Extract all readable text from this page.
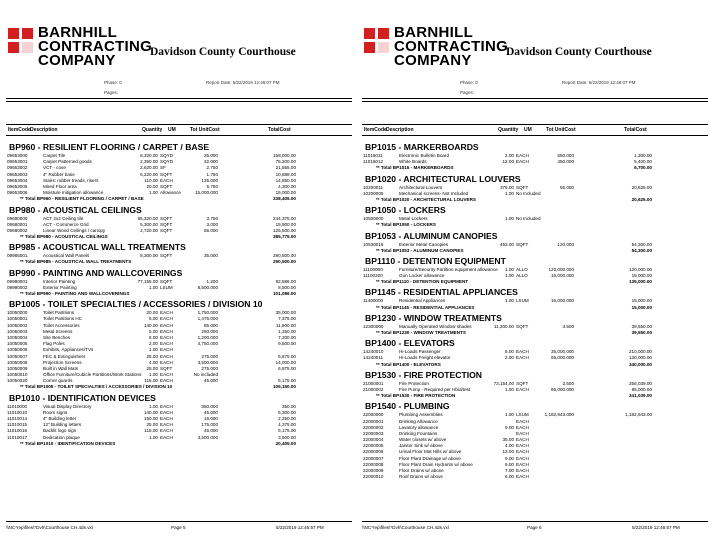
BARNHILL
CONTRACTING
COMPANY	Davidson County Courthouse
Phase: 0	Report Date: 5/22/2019 12:46:07 PM
Pages:
ItemCode Description	Quantity UM	Tot UnitCost	TotalCost
BP960 - RESILIENT FLOORING / CARPET / BASE
09653000	Carpet Tile	6,320.00 SQYD	25.000	158,000.00
09653001	Carpet Patterned goods	2,350.00 SQYD	32.000	75,200.00
09653002	VCT - cove	2,620.00 SF	2.750	21,555.00
09653003	4" Rubber base	6,220.00 SQFT	1.750	10,888.00
09653004	Stairs: rubber treads, risers	110.00 EACH	135.000	14,850.00
09653005	Mired Floor area	20.00 SQFT	5.750	4,300.00
09653006	Moisture mitigation allowance	1.00 Allowance	15,000.000	15,000.00
** Total BP960 - RESILIENT FLOORING / CARPET / BASE	338,405.00
BP980 - ACOUSTICAL CEILINGS
09680000	ACT 2x2 Ceiling tile	65,320.00 SQFT	3.750	244,375.00
09680001	ACT - Commerce Grid	5,300.00 SQFT	3.000	15,900.00
09680002	Linear Wood Ceilings / canopy	2,720.00 SQFT	55.000	125,500.00
** Total BP980 - ACOUSTICAL CEILINGS	385,775.00
BP985 - ACOUSTICAL WALL TREATMENTS
09985001	Acoustical Wall Panels	8,300.00 SQFT	35.000	290,500.00
** Total BP985 - ACOUSTICAL WALL TREATMENTS	290,500.00
BP990 - PAINTING AND WALLCOVERINGS
09990001	Interior Painting	77,155.00 SQFT	1.200	92,586.00
09990002	Exterior Painting	1.00 LSUM	8,500.000	8,500.00
** Total BP990 - PAINTING AND WALLCOVERINGS	101,086.00
BP1005 - TOILET SPECIALTIES / ACCESSORIES / DIVISION 10
10050000	Toilet Partitions	20.00 EACH	1,750.000	35,000.00
10050001	Toilet Partitions HC	5.00 EACH	1,475.000	7,375.00
10050002	Toilet Accessories	140.00 EACH	85.000	11,900.00
10050003	Metal Screens	5.00 EACH	250.000	1,250.00
10050004	Site Benches	6.00 EACH	1,200.000	7,200.00
10050005	Flag Poles	2.00 EACH	4,750.000	9,500.00
10050006	Exhibits, Appliances/TVs	1.00 EACH
10050007	FEC & Extinguishers	25.00 EACH	275.000	6,875.00
10050008	Projection Screens	4.00 EACH	3,500.000	14,000.00
10050009	Built in Wall Mats	25.00 SQFT	275.000	6,875.00
10050010	Office Furniture/Cubicle Partitions/Work Stations	1.00 EACH	No included
10050020	Corner guards	115.00 EACH	45.000	5,175.00
** Total BP1005 - TOILET SPECIALTIES / ACCESSORIES / DIVISION 10	105,150.00
BP1010 - IDENTIFICATION DEVICES
11010000	Visual Display Directory	1.00 EACH	350.000	350.00
11010010	Room signs	140.00 EACH	45.000	6,300.00
11010014	4" Building letter	150.00 EACH	15.000	2,250.00
11010015	12" Building letters	25.00 EACH	175.000	4,375.00
11010016	Backlit logo sign	115.00 EACH	45.000	5,175.00
11010017	Dedication plaque	1.00 EACH	3,500.000	3,500.00
** Total BP1010 - IDENTIFICATION DEVICES	20,405.00
\\NC*rep\files\*Dvh\Courthouse CH.4ds.vxl	Page 5	5/22/2019 12:46:57 PM
BARNHILL
CONTRACTING
COMPANY	Davidson County Courthouse
Phase: 0	Report Date: 5/22/2019 12:46:07 PM
Pages:
ItemCode Description	Quantity UM	Tot UnitCost	TotalCost
BP1015 - MARKERBOARDS
11015011	Electronic Bulletin Board	2.00 EACH	650.000	1,300.00
11015012	White Boards	12.00 EACH	450.000	5,400.00
** Total BP1015 - MARKERBOARDS	6,700.00
BP1020 - ARCHITECTURAL LOUVERS
10200011	Architectural Louvers	375.00 SQFT	55.000	20,625.00
10200005	Mechanical screens- Not Included	1.00 No Included
** Total BP1020 - ARCHITECTURAL LOUVERS	20,625.00
BP1050 - LOCKERS
10500000	Metal Lockers	1.00 No Included
** Total BP1050 - LOCKERS
BP1053 - ALUMINUM CANOPIES
10530016	Exterior Metal Canopies	453.00 SQFT	120.000	54,300.00
** Total BP1053 - ALUMINUM CANOPIES	54,300.00
BP1110 - DETENTION EQUIPMENT
11100000	Furniture/Security Partition equipment allowance	1.00 ALLO	120,000.000	120,000.00
11100200	Gun Locker allowance	1.00 ALLO	15,000.000	15,000.00
** Total BP1110 - DETENTION EQUIPMENT	135,000.00
BP1145 - RESIDENTIAL APPLIANCES
11400000	Residential Appliances	1.00 LSUM	15,000.000	15,000.00
** Total BP1145 - RESIDENTIAL APPLIANCES	15,000.00
BP1230 - WINDOW TREATMENTS
12300000	Manually Operated Window shades	11,300.00 SQFT	3.500	39,550.00
** Total BP1230 - WINDOW TREATMENTS	39,550.00
BP1400 - ELEVATORS
14240010	Hi-Loads Passenger	6.00 EACH	35,000.000	210,000.00
14240011	Hi-Loads Freight elevator	2.00 EACH	65,000.000	130,000.00
** Total BP1400 - ELEVATORS	340,000.00
BP1530 - FIRE PROTECTION
21000001	Fire Protection	73,154.00 SQFT	3.500	256,039.00
21000002	Fire Pump - Required per Hbid/test	1.00 EACH	85,000.000	85,000.00
** Total BP1530 - FIRE PROTECTION	341,039.00
BP1540 - PLUMBING
22000000	Plumbing Assemblies	1.00 LSUM	1,182,943.000	1,182,943.00
22000001	Drinking Allowance	EACH
22000002	Lavatory allowance	9.00 EACH
22000003	Drinking Fountains	EACH
22000004	Water closets w/ above	35.00 EACH
22000005	Janitor Sink w/ above	4.00 EACH
22000006	Urinal Floor Mat Hills w/ above	13.00 EACH
22000007	Floor Plant Drainage w/ above	9.00 EACH
22000008	Floor Plant Drain Hydrants w/ above	9.00 EACH
22000009	Floor Drains w/ above	7.00 EACH
22000010	Roof Drains w/ above	6.00 EACH
\\NC*rep\files\*Dvh\Courthouse CH.4ds.vxl	Page 6	5/22/2019 12:46:57 PM
